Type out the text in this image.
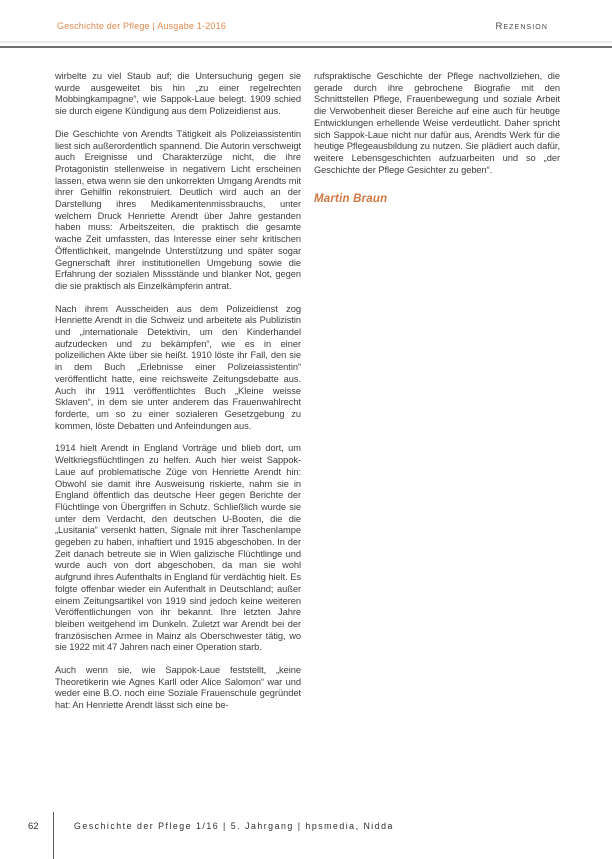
Geschichte der Pflege | Ausgabe 1-2016	Rezension

wirbelte zu viel Staub auf; die Untersuchung gegen sie wurde ausgeweitet bis hin „zu einer regelrechten Mobbingkampagne“, wie Sappok-Laue belegt. 1909 schied sie durch eigene Kündigung aus dem Polizeidienst aus.

Die Geschichte von Arendts Tätigkeit als Polizeiassistentin liest sich außerordentlich spannend. Die Autorin verschweigt auch Ereignisse und Charakterzüge nicht, die ihre Protagonistin stellenweise in negativem Licht erscheinen lassen, etwa wenn sie den unkorrekten Umgang Arendts mit ihrer Gehilfin rekonstruiert. Deutlich wird auch an der Darstellung ihres Medikamentenmissbrauchs, unter welchem Druck Henriette Arendt über Jahre gestanden haben muss: Arbeitszeiten, die praktisch die gesamte wache Zeit umfassten, das Interesse einer sehr kritischen Öffentlichkeit, mangelnde Unterstützung und später sogar Gegnerschaft ihrer institutionellen Umgebung sowie die Erfahrung der sozialen Missstände und blanker Not, gegen die sie praktisch als Einzelkämpferin antrat.

Nach ihrem Ausscheiden aus dem Polizeidienst zog Henriette Arendt in die Schweiz und arbeitete als Publizistin und „internationale Detektivin, um den Kinderhandel aufzudecken und zu bekämpfen“, wie es in einer polizeilichen Akte über sie heißt. 1910 löste ihr Fall, den sie in dem Buch „Erlebnisse einer Polizeiassistentin“ veröffentlicht hatte, eine reichsweite Zeitungsdebatte aus. Auch ihr 1911 veröffentlichtes Buch „Kleine weisse Sklaven“, in dem sie unter anderem das Frauenwahlrecht forderte, um so zu einer sozialeren Gesetzgebung zu kommen, löste Debatten und Anfeindungen aus.

1914 hielt Arendt in England Vorträge und blieb dort, um Weltkriegsflüchtlingen zu helfen. Auch hier weist Sappok-Laue auf problematische Züge von Henriette Arendt hin: Obwohl sie damit ihre Ausweisung riskierte, nahm sie in England öffentlich das deutsche Heer gegen Berichte der Flüchtlinge von Übergriffen in Schutz. Schließlich wurde sie unter dem Verdacht, den deutschen U-Booten, die die „Lusitania“ versenkt hatten, Signale mit ihrer Taschenlampe gegeben zu haben, inhaftiert und 1915 abgeschoben. In der Zeit danach betreute sie in Wien galizische Flüchtlinge und wurde auch von dort abgeschoben, da man sie wohl aufgrund ihres Aufenthalts in England für verdächtig hielt. Es folgte offenbar wieder ein Aufenthalt in Deutschland; außer einem Zeitungsartikel von 1919 sind jedoch keine weiteren Veröffentlichungen von ihr bekannt. Ihre letzten Jahre bleiben weitgehend im Dunkeln. Zuletzt war Arendt bei der französischen Armee in Mainz als Oberschwester tätig, wo sie 1922 mit 47 Jahren nach einer Operation starb.

Auch wenn sie, wie Sappok-Laue feststellt, „keine Theoretikerin wie Agnes Karll oder Alice Salomon“ war und weder eine B.O. noch eine Soziale Frauenschule gegründet hat: An Henriette Arendt lässt sich eine be-

rufspraktische Geschichte der Pflege nachvollziehen, die gerade durch ihre gebrochene Biografie mit den Schnittstellen Pflege, Frauenbewegung und soziale Arbeit die Verwobenheit dieser Bereiche auf eine auch für heutige Entwicklungen erhellende Weise verdeutlicht. Daher spricht sich Sappok-Laue nicht nur dafür aus, Arendts Werk für die heutige Pflegeausbildung zu nutzen. Sie plädiert auch dafür, weitere Lebensgeschichten aufzuarbeiten und so „der Geschichte der Pflege Gesichter zu geben“.

Martin Braun

62	Geschichte der Pflege 1/16 | 5. Jahrgang | hpsmedia, Nidda
